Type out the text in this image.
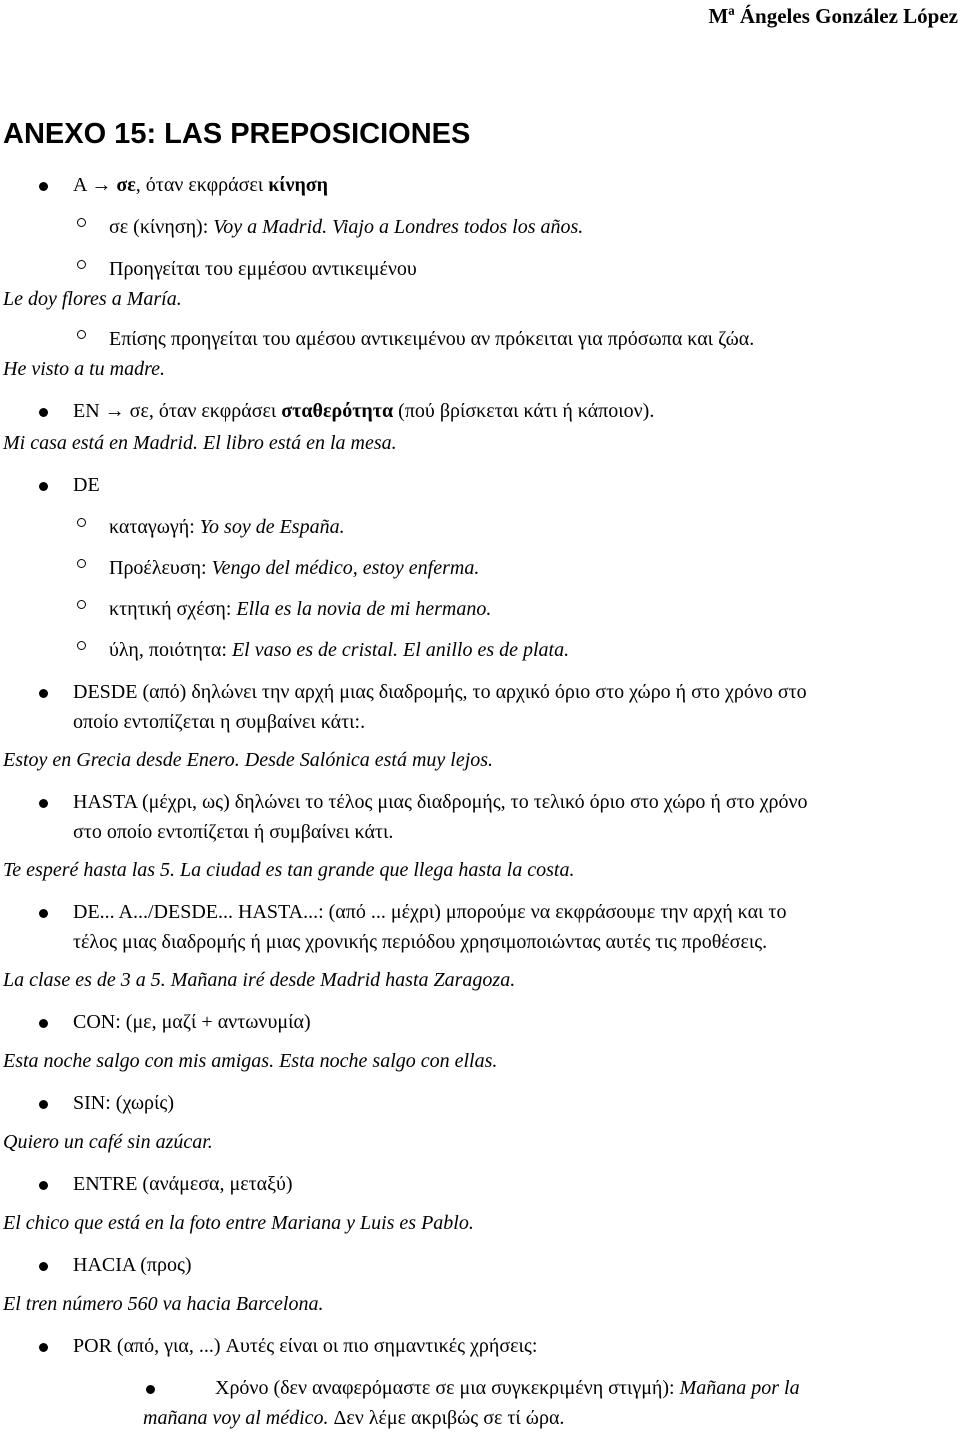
Mª Ángeles González López
ANEXO 15: LAS PREPOSICIONES
A → σε, όταν εκφράσει κίνηση
σε (κίνηση): Voy a Madrid. Viajo a Londres todos los años.
Προηγείται του εμμέσου αντικειμένου
Le doy flores a María.
Επίσης προηγείται του αμέσου αντικειμένου αν πρόκειται για πρόσωπα και ζώα.
He visto a tu madre.
EN → σε, όταν εκφράσει σταθερότητα (πού βρίσκεται κάτι ή κάποιον).
Mi casa está en Madrid. El libro está en la mesa.
DE
καταγωγή: Yo soy de España.
Προέλευση: Vengo del médico, estoy enferma.
κτητική σχέση: Ella es la novia de mi hermano.
ύλη, ποιότητα: El vaso es de cristal. El anillo es de plata.
DESDE (από) δηλώνει την αρχή μιας διαδρομής, το αρχικό όριο στο χώρο ή στο χρόνο στο
οποίο εντοπίζεται η συμβαίνει κάτι:.
Estoy en Grecia desde Enero. Desde Salónica está muy lejos.
HASTA (μέχρι, ως) δηλώνει το τέλος μιας διαδρομής, το τελικό όριο στο χώρο ή στο χρόνο
στο οποίο εντοπίζεται ή συμβαίνει κάτι.
Te esperé hasta las 5. La ciudad es tan grande que llega hasta la costa.
DE... A.../DESDE... HASTA...: (από ... μέχρι) μπορούμε να εκφράσουμε την αρχή και το
τέλος μιας διαδρομής ή μιας χρονικής περιόδου χρησιμοποιώντας αυτές τις προθέσεις.
La clase es de 3 a 5. Mañana iré desde Madrid hasta Zaragoza.
CON: (με, μαζί + αντωνυμία)
Esta noche salgo con mis amigas. Esta noche salgo con ellas.
SIN: (χωρίς)
Quiero un café sin azúcar.
ENTRE (ανάμεσα, μεταξύ)
El chico que está en la foto entre Mariana y Luis es Pablo.
HACIA (προς)
El tren número 560 va hacia Barcelona.
POR (από, για, ...) Αυτές είναι οι πιο σημαντικές χρήσεις:
Χρόνο (δεν αναφερόμαστε σε μια συγκεκριμένη στιγμή): Mañana por la
mañana voy al médico. Δεν λέμε ακριβώς σε τί ώρα.
